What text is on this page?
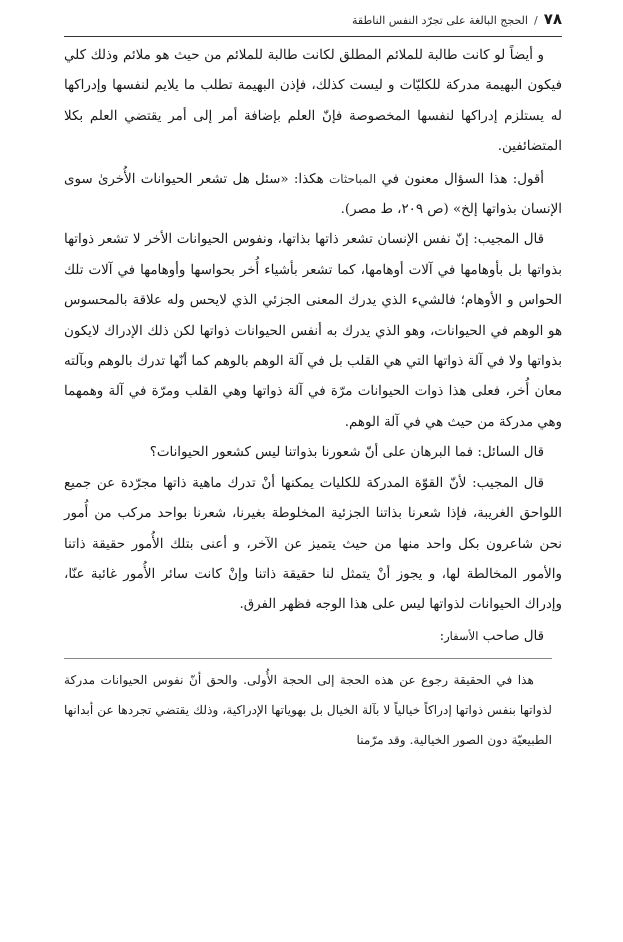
٧٨
/
الحجج البالغة على تجرّد النفس الناطقة

و أيضاً لو كانت طالبة للملائم المطلق لكانت طالبة للملائم من حيث هو ملائم وذلك كلي فيكون البهيمة مدركة للكليّات و ليست كذلك، فإذن البهيمة تطلب ما يلايم لنفسها وإدراكها له يستلزم إدراكها لنفسها المخصوصة فإنّ العلم بإضافة أمر إلى أمر يقتضي العلم بكلا المتضائفين.

أقول: هذا السؤال معنون في المباحثات هكذا: «سئل هل تشعر الحيوانات الأُخرىٰ سوى الإنسان بذواتها إلخ» (ص ٢٠٩، ط مصر).

قال المجيب: إنّ نفس الإنسان تشعر ذاتها بذاتها، ونفوس الحيوانات الأخر لا تشعر ذواتها بذواتها بل بأوهامها في آلات أوهامها، كما تشعر بأشياء أُخر بحواسها وأوهامها في آلات تلك الحواس و الأوهام؛ فالشيء الذي يدرك المعنى الجزئي الذي لايحس وله علاقة بالمحسوس هو الوهم في الحيوانات، وهو الذي يدرك به أنفس الحيوانات ذواتها لكن ذلك الإدراك لايكون بذواتها ولا في آلة ذواتها التي هي القلب بل في آلة الوهم بالوهم كما أنّها تدرك بالوهم وبآلته معان أُخر، فعلى هذا ذوات الحيوانات مرّة في آلة ذواتها وهي القلب ومرّة في آلة وهمهما وهي مدركة من حيث هي في آلة الوهم.

قال السائل: فما البرهان على أنّ شعورنا بذواتنا ليس كشعور الحيوانات؟

قال المجيب: لأنّ القوّة المدركة للكليات يمكنها أنْ تدرك ماهية ذاتها مجرّدة عن جميع اللواحق الغريبة، فإذا شعرنا بذاتنا الجزئية المخلوطة بغيرنا، شعرنا بواحد مركب من أُمور نحن شاعرون بكل واحد منها من حيث يتميز عن الآخر، و أعنى بتلك الأُمور حقيقة ذاتنا والأمور المخالطة لها، و يجوز أنْ يتمثل لنا حقيقة ذاتنا وإنْ كانت سائر الأُمور غائبة عنّا، وإدراك الحيوانات لذواتها ليس على هذا الوجه فظهر الفرق.

قال صاحب الأسفار:

هذا في الحقيقة رجوع عن هذه الحجة إلى الحجة الأُولى. والحق أنّ نفوس الحيوانات مدركة لذواتها بنفس ذواتها إدراكاً خيالياً لا بآلة الخيال بل بهوياتها الإدراكية، وذلك يقتضي تجردها عن أبدانها الطبيعيّة دون الصور الخيالية. وقد مرّمنا
